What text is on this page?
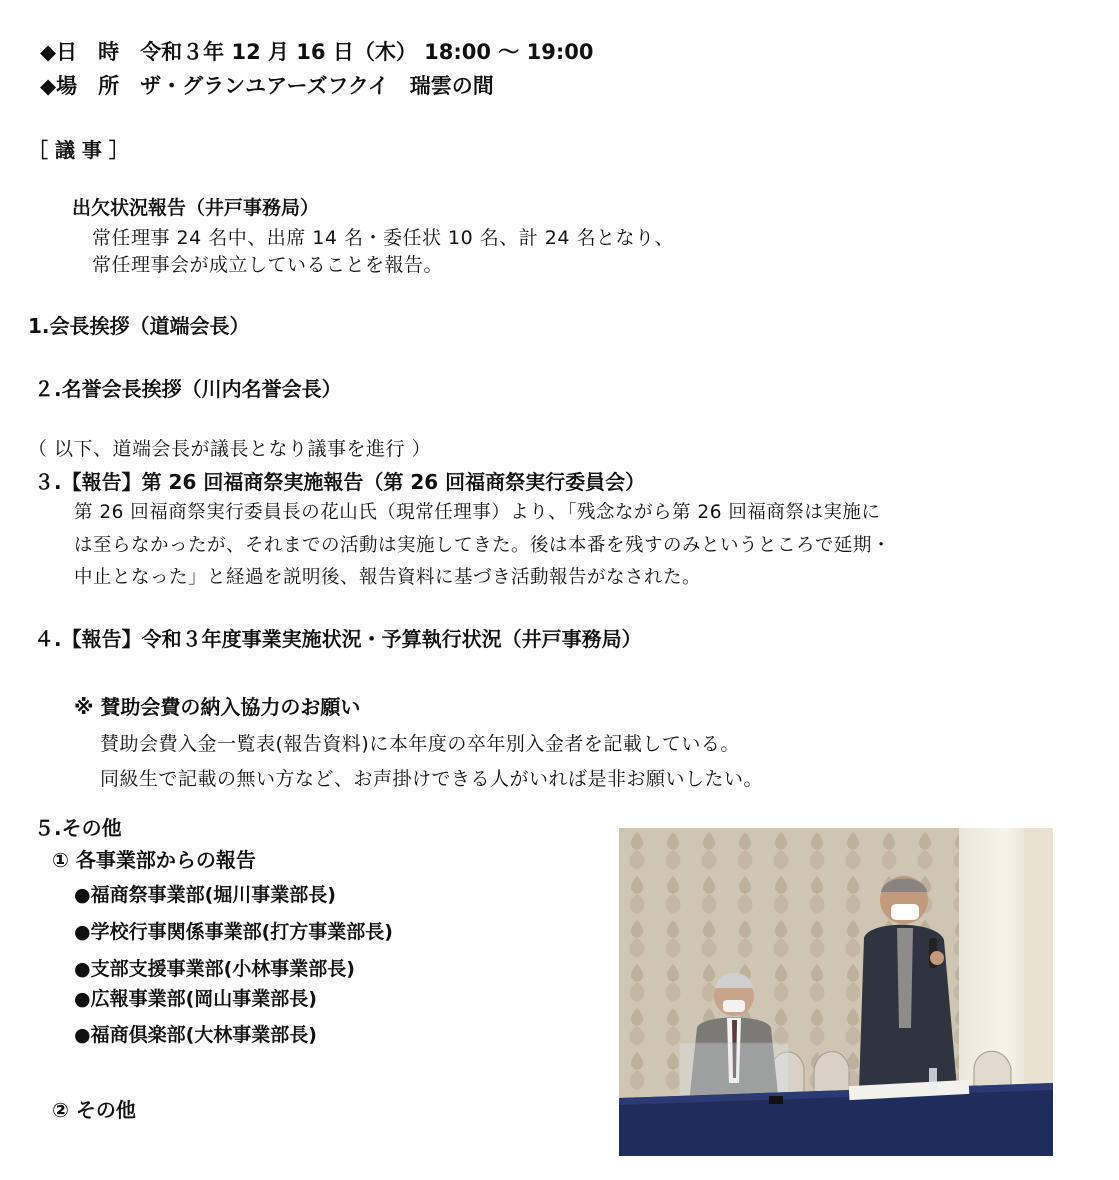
◆日　時　令和３年 12 月 16 日（木） 18:00 ～ 19:00
◆場　所　ザ・グランユアーズフクイ　瑞雲の間
［ 議 事 ］
出欠状況報告（井戸事務局）
常任理事 24 名中、出席 14 名・委任状 10 名、計 24 名となり、
常任理事会が成立していることを報告。
1.会長挨拶（道端会長）
２.名誉会長挨拶（川内名誉会長）
（ 以下、道端会長が議長となり議事を進行 ）
３.【報告】第 26 回福商祭実施報告（第 26 回福商祭実行委員会）
第 26 回福商祭実行委員長の花山氏（現常任理事）より、「残念ながら第 26 回福商祭は実施に
は至らなかったが、それまでの活動は実施してきた。後は本番を残すのみというところで延期・
中止となった」と経過を説明後、報告資料に基づき活動報告がなされた。
４.【報告】令和３年度事業実施状況・予算執行状況（井戸事務局）
※ 賛助会費の納入協力のお願い
賛助会費入金一覧表(報告資料)に本年度の卒年別入金者を記載している。
同級生で記載の無い方など、お声掛けできる人がいれば是非お願いしたい。
５.その他
① 各事業部からの報告
●福商祭事業部(堀川事業部長)
●学校行事関係事業部(打方事業部長)
●支部支援事業部(小林事業部長)
●広報事業部(岡山事業部長)
●福商倶楽部(大林事業部長)
② その他
